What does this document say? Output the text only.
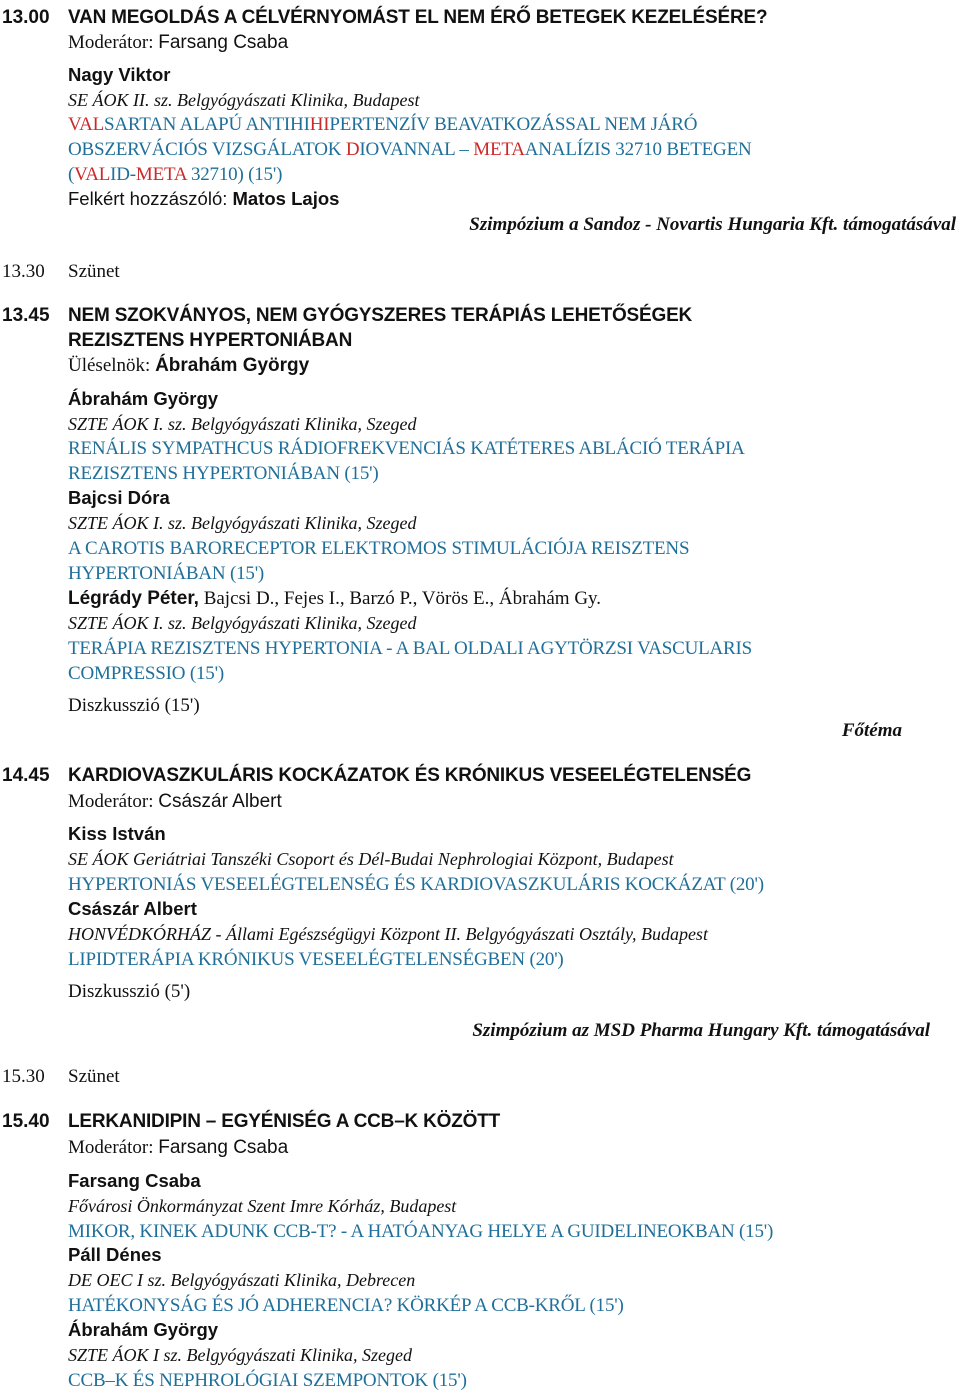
13.00 VAN MEGOLDÁS A CÉLVÉRNYOMÁST EL NEM ÉRŐ BETEGEK KEZELÉSÉRE?
Moderátor: Farsang Csaba
Nagy Viktor
SE ÁOK II. sz. Belgyógyászati Klinika, Budapest
VALSARTAN ALAPÚ ANTIHIHIPERTENZÍV BEAVATKOZÁSSAL NEM JÁRÓ
OBSZERVÁCIÓS VIZSGÁLATOK DIOVANNAL – METAANALÍZIS 32710 BETEGEN
(VALID-META 32710) (15')
Felkért hozzászóló: Matos Lajos
Szimpózium a Sandoz - Novartis Hungaria Kft. támogatásával
13.30 Szünet
13.45 NEM SZOKVÁNYOS, NEM GYÓGYSZERES TERÁPIÁS LEHETŐSÉGEK
REZISZTENS HYPERTONIÁBAN
Üléselnök: Ábrahám György
Ábrahám György
SZTE ÁOK I. sz. Belgyógyászati Klinika, Szeged
RENÁLIS SYMPATHCUS RÁDIOFREKVENCIÁS KATÉTERES ABLÁCIÓ TERÁPIA
REZISZTENS HYPERTONIÁBAN (15')
Bajcsi Dóra
SZTE ÁOK I. sz. Belgyógyászati Klinika, Szeged
A CAROTIS BARORECEPTOR ELEKTROMOS STIMULÁCIÓJA REISZTENS
HYPERTONIÁBAN (15')
Légrády Péter, Bajcsi D., Fejes I., Barzó P., Vörös E., Ábrahám Gy.
SZTE ÁOK I. sz. Belgyógyászati Klinika, Szeged
TERÁPIA REZISZTENS HYPERTONIA - A BAL OLDALI AGYTÖRZSI VASCULARIS
COMPRESSIO (15')
Diszkusszió (15')
Főtéma
14.45 KARDIOVASZKULÁRIS KOCKÁZATOK ÉS KRÓNIKUS VESEELÉGTELENSÉG
Moderátor: Császár Albert
Kiss István
SE ÁOK Geriátriai Tanszéki Csoport és Dél-Budai Nephrologiai Központ, Budapest
HYPERTONIÁS VESEELÉGTELENSÉG ÉS KARDIOVASZKULÁRIS KOCKÁZAT (20')
Császár Albert
HONVÉDKÓRHÁZ - Állami Egészségügyi Központ II. Belgyógyászati Osztály, Budapest
LIPIDTERÁPIA KRÓNIKUS VESEELÉGTELENSÉGBEN (20')
Diszkusszió (5')
Szimpózium az MSD Pharma Hungary Kft. támogatásával
15.30 Szünet
15.40 LERKANIDIPIN – EGYÉNISÉG A CCB–K KÖZÖTT
Moderátor: Farsang Csaba
Farsang Csaba
Fővárosi Önkormányzat Szent Imre Kórház, Budapest
MIKOR, KINEK ADUNK CCB-T? - A HATÓANYAG HELYE A GUIDELINEOKBAN (15')
Páll Dénes
DE OEC I sz. Belgyógyászati Klinika, Debrecen
HATÉKONYSÁG ÉS JÓ ADHERENCIA? KÖRKÉP A CCB-KRŐL (15')
Ábrahám György
SZTE ÁOK I sz. Belgyógyászati Klinika, Szeged
CCB–K ÉS NEPHROLÓGIAI SZEMPONTOK (15')
